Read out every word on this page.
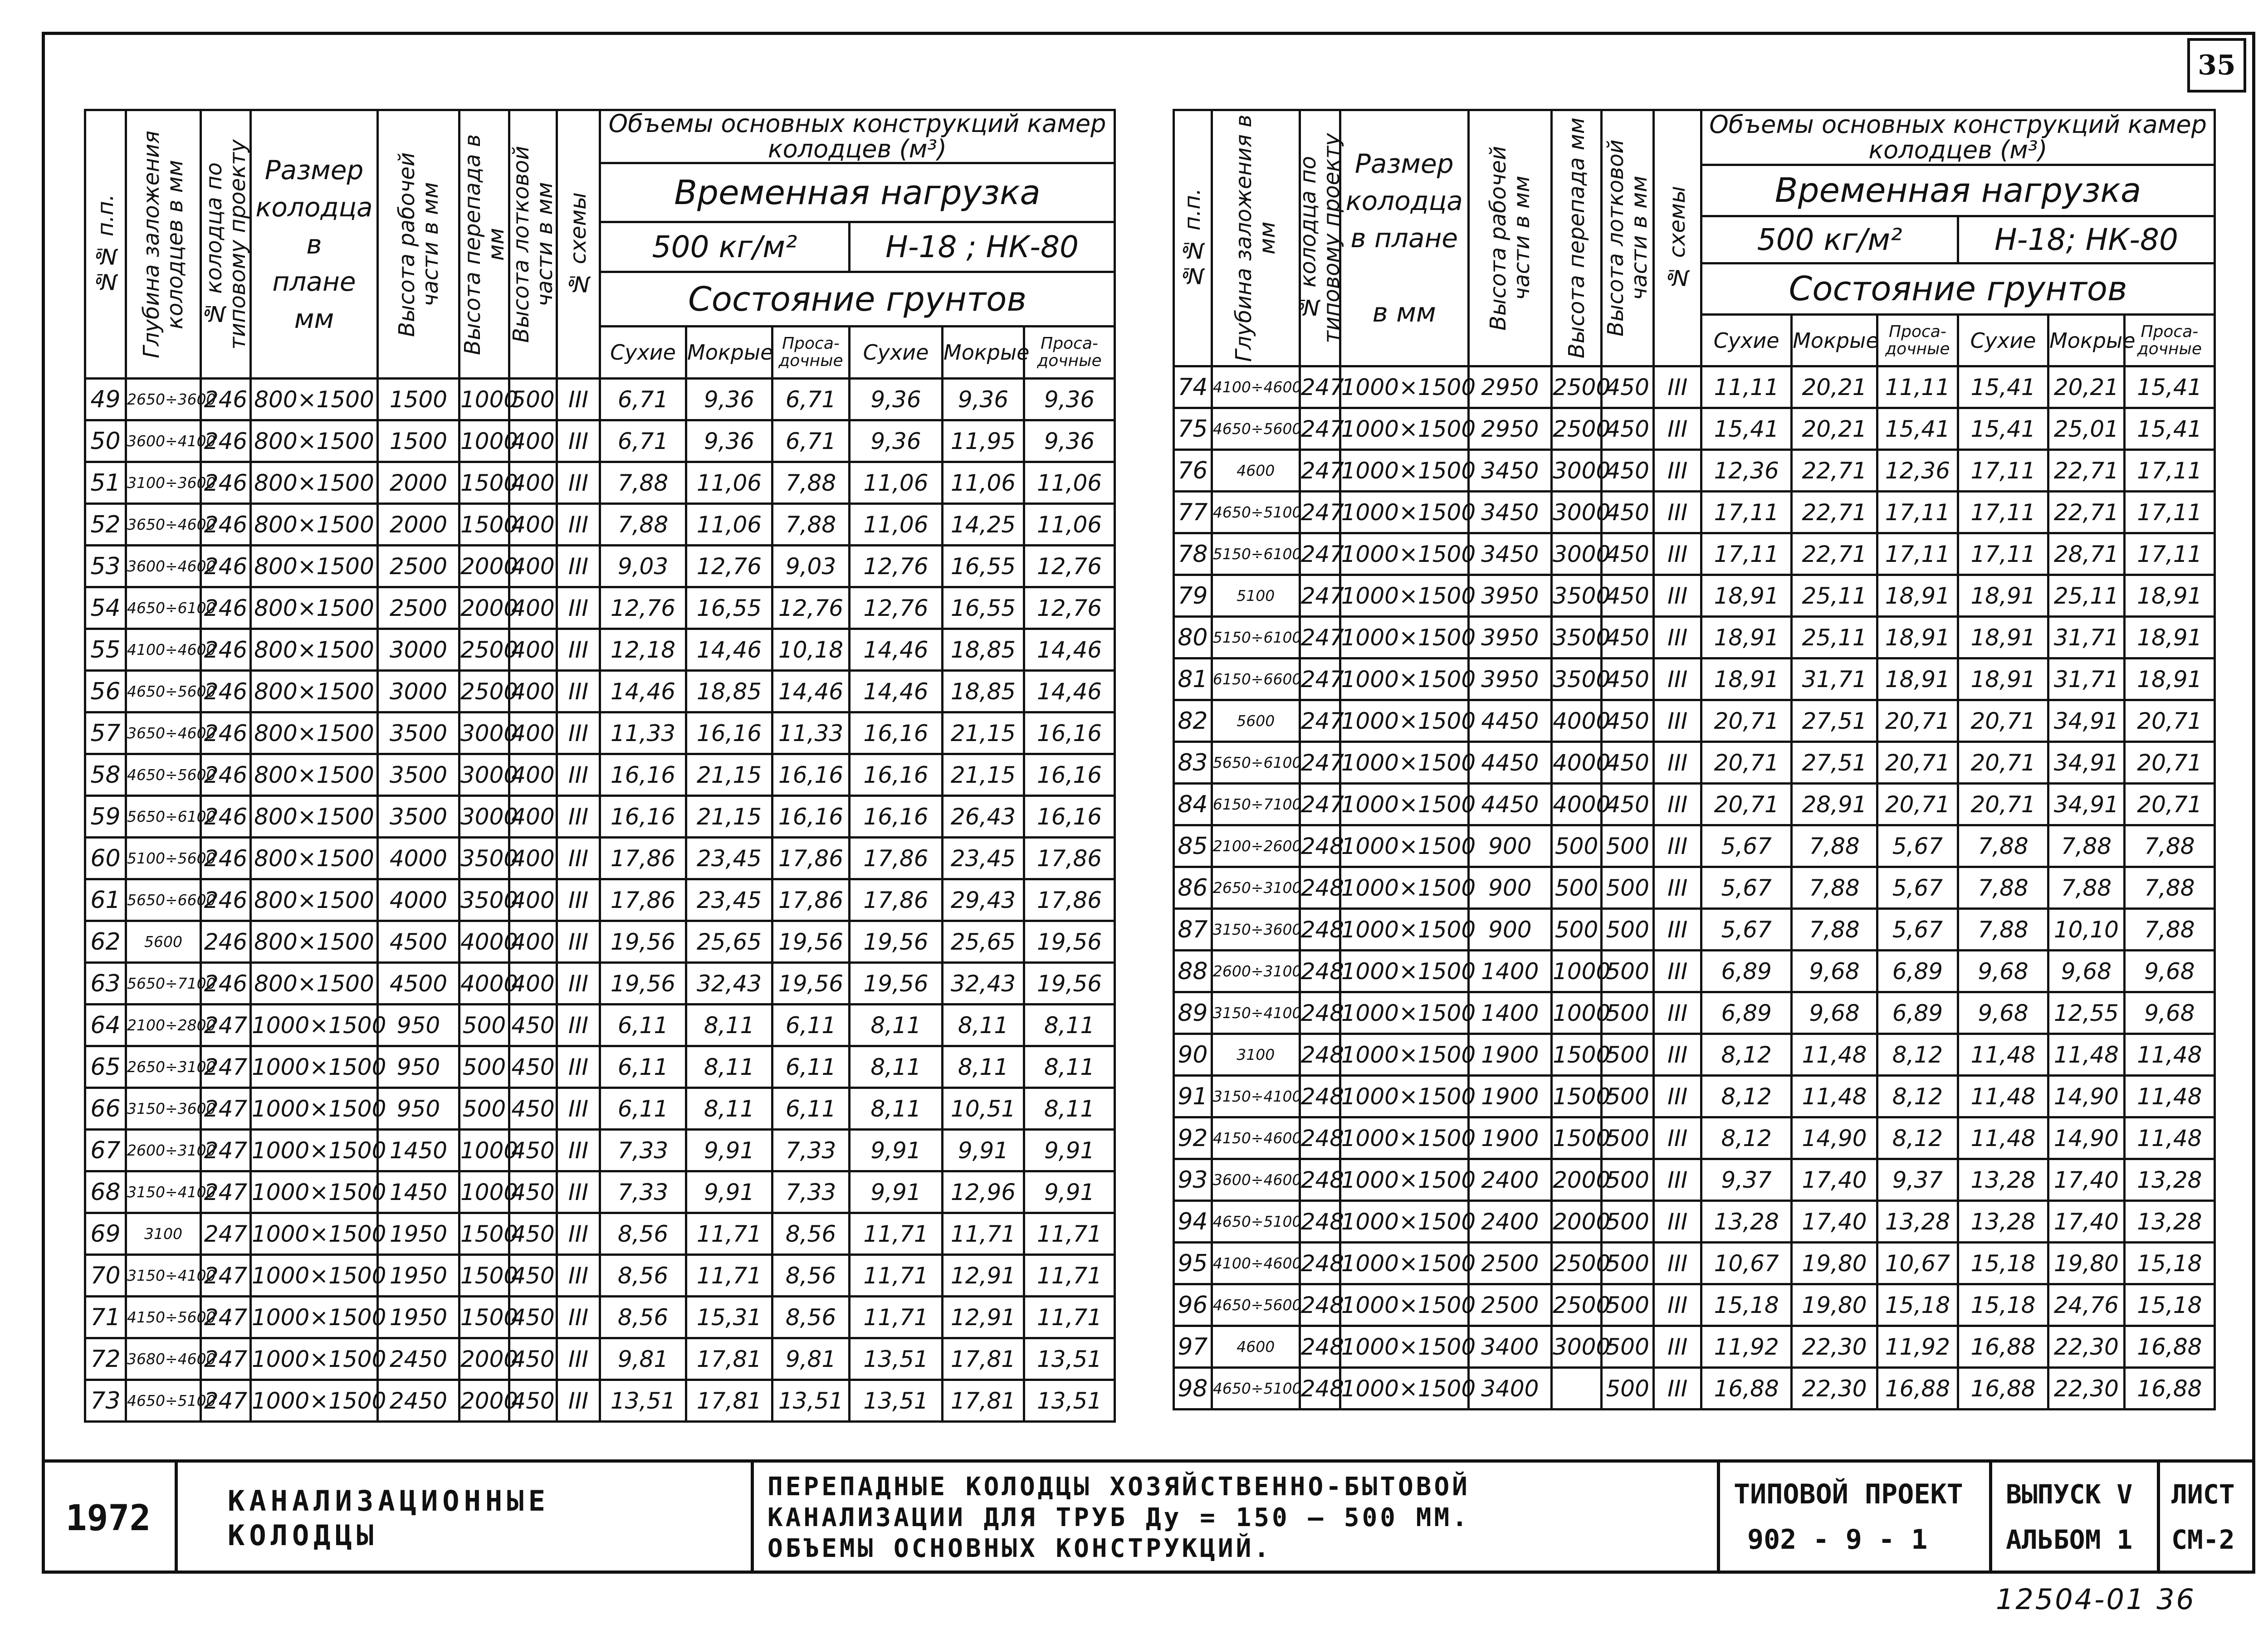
35
№№ п.п.	Глубина заложения колодцев в мм	№ колодца по типовому проекту	Размер
колодца
в
плане
мм	Высота рабочей части в мм	Высота перепада в мм	Высота лотковой части в мм	№ схемы	Объемы основных конструкций камер колодцев (м³)					
								Временная нагрузка					
								500 кг/м²			Н-18 ; НК-80		
								Состояние грунтов					
								Сухие	Мокрые	Проса-дочные	Сухие	Мокрые	Проса-дочные
49	2650÷3600	246	800×1500	1500	1000	500	III	6,71	9,36	6,71	9,36	9,36	9,36
50	3600÷4100	246	800×1500	1500	1000	400	III	6,71	9,36	6,71	9,36	11,95	9,36
51	3100÷3600	246	800×1500	2000	1500	400	III	7,88	11,06	7,88	11,06	11,06	11,06
52	3650÷4600	246	800×1500	2000	1500	400	III	7,88	11,06	7,88	11,06	14,25	11,06
53	3600÷4600	246	800×1500	2500	2000	400	III	9,03	12,76	9,03	12,76	16,55	12,76
54	4650÷6100	246	800×1500	2500	2000	400	III	12,76	16,55	12,76	12,76	16,55	12,76
55	4100÷4600	246	800×1500	3000	2500	400	III	12,18	14,46	10,18	14,46	18,85	14,46
56	4650÷5600	246	800×1500	3000	2500	400	III	14,46	18,85	14,46	14,46	18,85	14,46
57	3650÷4600	246	800×1500	3500	3000	400	III	11,33	16,16	11,33	16,16	21,15	16,16
58	4650÷5600	246	800×1500	3500	3000	400	III	16,16	21,15	16,16	16,16	21,15	16,16
59	5650÷6100	246	800×1500	3500	3000	400	III	16,16	21,15	16,16	16,16	26,43	16,16
60	5100÷5600	246	800×1500	4000	3500	400	III	17,86	23,45	17,86	17,86	23,45	17,86
61	5650÷6600	246	800×1500	4000	3500	400	III	17,86	23,45	17,86	17,86	29,43	17,86
62	5600	246	800×1500	4500	4000	400	III	19,56	25,65	19,56	19,56	25,65	19,56
63	5650÷7100	246	800×1500	4500	4000	400	III	19,56	32,43	19,56	19,56	32,43	19,56
64	2100÷2800	247	1000×1500	950	500	450	III	6,11	8,11	6,11	8,11	8,11	8,11
65	2650÷3100	247	1000×1500	950	500	450	III	6,11	8,11	6,11	8,11	8,11	8,11
66	3150÷3600	247	1000×1500	950	500	450	III	6,11	8,11	6,11	8,11	10,51	8,11
67	2600÷3100	247	1000×1500	1450	1000	450	III	7,33	9,91	7,33	9,91	9,91	9,91
68	3150÷4100	247	1000×1500	1450	1000	450	III	7,33	9,91	7,33	9,91	12,96	9,91
69	3100	247	1000×1500	1950	1500	450	III	8,56	11,71	8,56	11,71	11,71	11,71
70	3150÷4100	247	1000×1500	1950	1500	450	III	8,56	11,71	8,56	11,71	12,91	11,71
71	4150÷5600	247	1000×1500	1950	1500	450	III	8,56	15,31	8,56	11,71	12,91	11,71
72	3680÷4600	247	1000×1500	2450	2000	450	III	9,81	17,81	9,81	13,51	17,81	13,51
73	4650÷5100	247	1000×1500	2450	2000	450	III	13,51	17,81	13,51	13,51	17,81	13,51
№№ п.п.	Глубина заложения в мм	№ колодца по типовому проекту	Размер
колодца
в плане

в мм	Высота рабочей части в мм	Высота перепада мм	Высота лотковой части в мм	№ схемы	Объемы основных конструкций камер колодцев (м³)					
								Временная нагрузка					
								500 кг/м²			Н-18; НК-80		
								Состояние грунтов					
								Сухие	Мокрые	Проса-дочные	Сухие	Мокрые	Проса-дочные
74	4100÷4600	247	1000×1500	2950	2500	450	III	11,11	20,21	11,11	15,41	20,21	15,41
75	4650÷5600	247	1000×1500	2950	2500	450	III	15,41	20,21	15,41	15,41	25,01	15,41
76	4600	247	1000×1500	3450	3000	450	III	12,36	22,71	12,36	17,11	22,71	17,11
77	4650÷5100	247	1000×1500	3450	3000	450	III	17,11	22,71	17,11	17,11	22,71	17,11
78	5150÷6100	247	1000×1500	3450	3000	450	III	17,11	22,71	17,11	17,11	28,71	17,11
79	5100	247	1000×1500	3950	3500	450	III	18,91	25,11	18,91	18,91	25,11	18,91
80	5150÷6100	247	1000×1500	3950	3500	450	III	18,91	25,11	18,91	18,91	31,71	18,91
81	6150÷6600	247	1000×1500	3950	3500	450	III	18,91	31,71	18,91	18,91	31,71	18,91
82	5600	247	1000×1500	4450	4000	450	III	20,71	27,51	20,71	20,71	34,91	20,71
83	5650÷6100	247	1000×1500	4450	4000	450	III	20,71	27,51	20,71	20,71	34,91	20,71
84	6150÷7100	247	1000×1500	4450	4000	450	III	20,71	28,91	20,71	20,71	34,91	20,71
85	2100÷2600	248	1000×1500	900	500	500	III	5,67	7,88	5,67	7,88	7,88	7,88
86	2650÷3100	248	1000×1500	900	500	500	III	5,67	7,88	5,67	7,88	7,88	7,88
87	3150÷3600	248	1000×1500	900	500	500	III	5,67	7,88	5,67	7,88	10,10	7,88
88	2600÷3100	248	1000×1500	1400	1000	500	III	6,89	9,68	6,89	9,68	9,68	9,68
89	3150÷4100	248	1000×1500	1400	1000	500	III	6,89	9,68	6,89	9,68	12,55	9,68
90	3100	248	1000×1500	1900	1500	500	III	8,12	11,48	8,12	11,48	11,48	11,48
91	3150÷4100	248	1000×1500	1900	1500	500	III	8,12	11,48	8,12	11,48	14,90	11,48
92	4150÷4600	248	1000×1500	1900	1500	500	III	8,12	14,90	8,12	11,48	14,90	11,48
93	3600÷4600	248	1000×1500	2400	2000	500	III	9,37	17,40	9,37	13,28	17,40	13,28
94	4650÷5100	248	1000×1500	2400	2000	500	III	13,28	17,40	13,28	13,28	17,40	13,28
95	4100÷4600	248	1000×1500	2500	2500	500	III	10,67	19,80	10,67	15,18	19,80	15,18
96	4650÷5600	248	1000×1500	2500	2500	500	III	15,18	19,80	15,18	15,18	24,76	15,18
97	4600	248	1000×1500	3400	3000	500	III	11,92	22,30	11,92	16,88	22,30	16,88
98	4650÷5100	248	1000×1500	3400		500	III	16,88	22,30	16,88	16,88	22,30	16,88
1972	КАНАЛИЗАЦИОННЫЕ КОЛОДЦЫ
ПЕРЕПАДНЫЕ КОЛОДЦЫ ХОЗЯЙСТВЕННО-БЫТОВОЙ
КАНАЛИЗАЦИИ ДЛЯ ТРУБ Ду = 150 – 500 ММ.
ОБЪЕМЫ ОСНОВНЫХ КОНСТРУКЦИЙ.
ТИПОВОЙ ПРОЕКТ
902 - 9 - 1
ВЫПУСК V
АЛЬБОМ 1
ЛИСТ
СМ-2
12504-01 36
